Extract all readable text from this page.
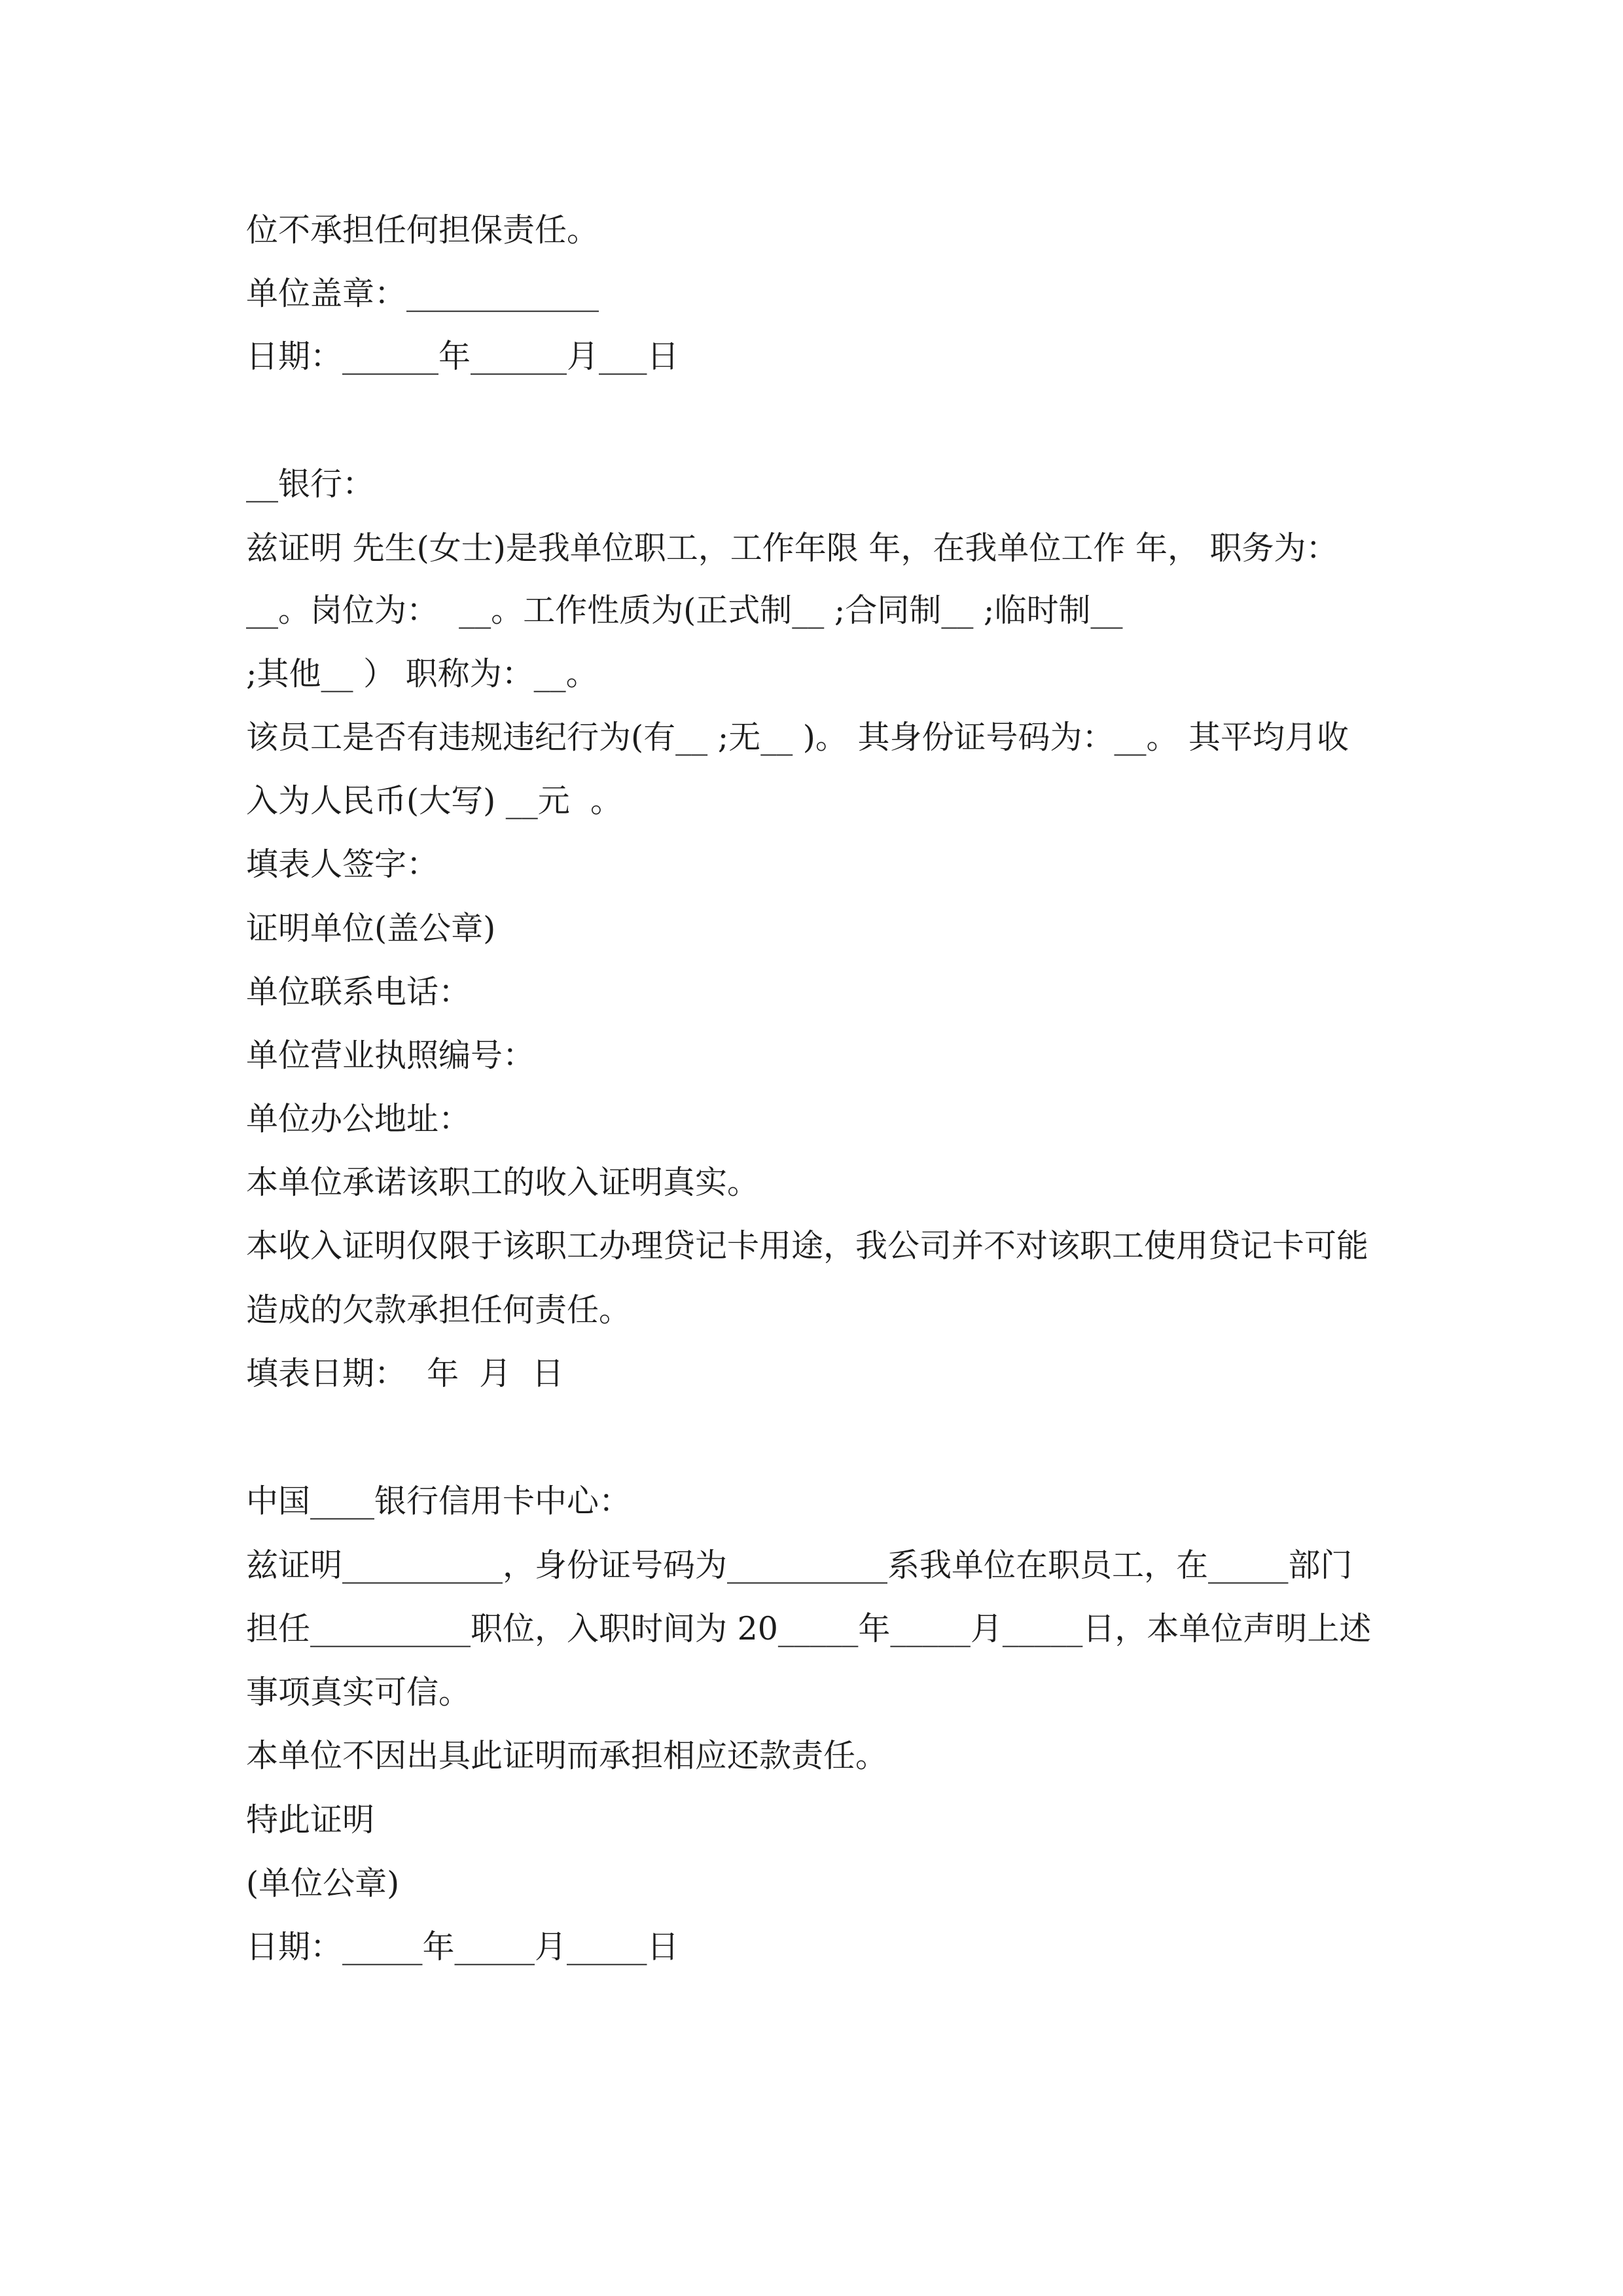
位不承担任何担保责任。
单位盖章：____________
日期：______年______月___日
__银行：
兹证明 先生(女士)是我单位职工，工作年限 年，在我单位工作 年， 职务为：
__。岗位为：  __。工作性质为(正式制__ ;合同制__ ;临时制__
;其他__ ） 职称为：__。
该员工是否有违规违纪行为(有__ ;无__ )。 其身份证号码为：__。 其平均月收
入为人民币(大写) __元  。
填表人签字：
证明单位(盖公章)
单位联系电话：
单位营业执照编号：
单位办公地址：
本单位承诺该职工的收入证明真实。
本收入证明仅限于该职工办理贷记卡用途，我公司并不对该职工使用贷记卡可能
造成的欠款承担任何责任。
填表日期：  年  月  日
中国____银行信用卡中心：
兹证明__________，身份证号码为__________系我单位在职员工，在_____部门
担任__________职位，入职时间为 20_____年_____月_____日，本单位声明上述
事项真实可信。
本单位不因出具此证明而承担相应还款责任。
特此证明
(单位公章)
日期：_____年_____月_____日
